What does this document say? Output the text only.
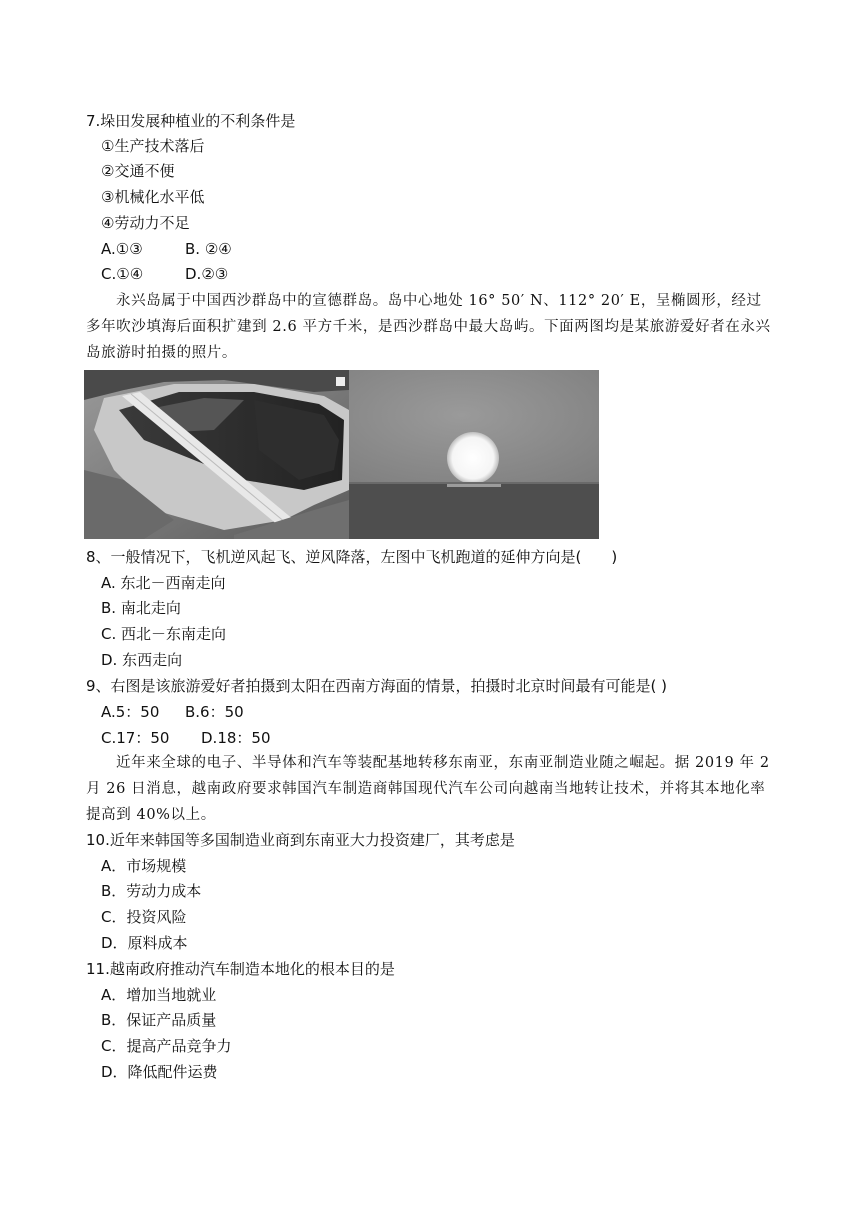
7.垛田发展种植业的不利条件是
①生产技术落后
②交通不便
③机械化水平低
④劳动力不足
A.①③	B. ②④
C.①④	D.②③
永兴岛属于中国西沙群岛中的宣德群岛。岛中心地处 16° 50′ N、112° 20′ E，呈椭圆形，经过多年吹沙填海后面积扩建到 2.6 平方千米，是西沙群岛中最大岛屿。下面两图均是某旅游爱好者在永兴岛旅游时拍摄的照片。
8、一般情况下，飞机逆风起飞、逆风降落，左图中飞机跑道的延伸方向是(　　)
A. 东北－西南走向
B. 南北走向
C. 西北－东南走向
D. 东西走向
9、右图是该旅游爱好者拍摄到太阳在西南方海面的情景，拍摄时北京时间最有可能是( )
A.5：50 B.6：50
C.17：50 D.18：50
近年来全球的电子、半导体和汽车等装配基地转移东南亚，东南亚制造业随之崛起。据 2019 年 2 月 26 日消息，越南政府要求韩国汽车制造商韩国现代汽车公司向越南当地转让技术，并将其本地化率提高到 40%以上。
10.近年来韩国等多国制造业商到东南亚大力投资建厂，其考虑是
A．市场规模
B．劳动力成本
C．投资风险
D．原料成本
11.越南政府推动汽车制造本地化的根本目的是
A．增加当地就业
B．保证产品质量
C．提高产品竞争力
D．降低配件运费
